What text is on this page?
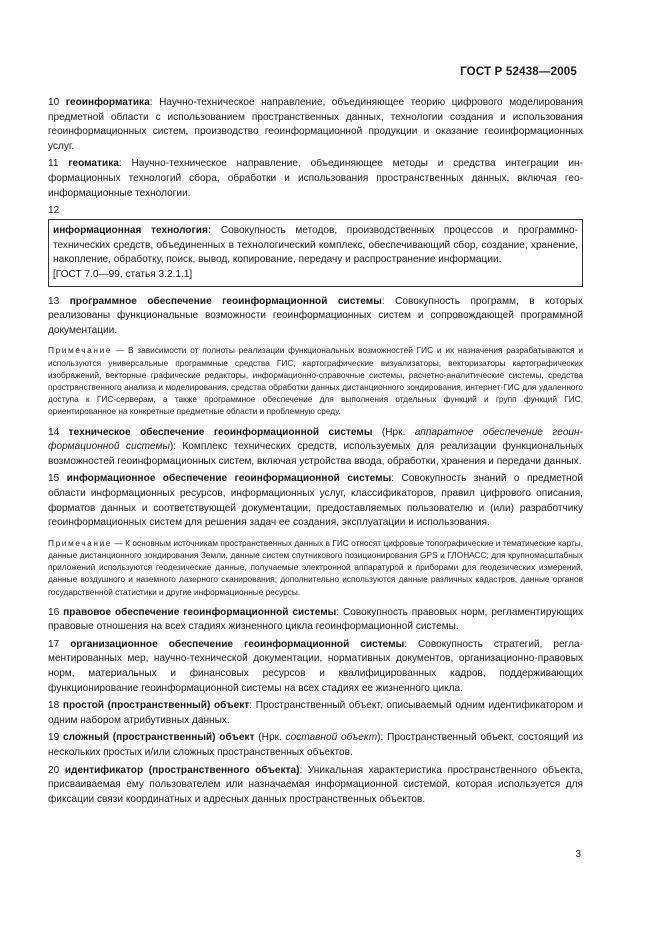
ГОСТ Р 52438—2005

10 геоинформатика: Научно-техническое направление, объединяющее теорию цифрового моделирования предметной области с использованием пространственных данных, технологии создания и использования геоинформационных систем, производство геоинформационной продукции и оказание геоинформационных услуг.

11 геоматика: Научно-техническое направление, объединяющее методы и средства интеграции информационных технологий сбора, обработки и использования пространственных данных, включая геоинформационные технологии.

12
информационная технология: Совокупность методов, производственных процессов и программно-технических средств, объединенных в технологический комплекс, обеспечивающий сбор, создание, хранение, накопление, обработку, поиск, вывод, копирование, передачу и распространение информации.
[ГОСТ 7.0—99, статья 3.2.1.1]

13 программное обеспечение геоинформационной системы: Совокупность программ, в которых реализованы функциональные возможности геоинформационных систем и сопровождающей программной документации.

Примечание — В зависимости от полноты реализации функциональных возможностей ГИС и их назначения разрабатываются и используются универсальные программные средства ГИС, картографические визуализаторы, векторизаторы картографических изображений, векторные графические редакторы, информационно-справочные системы, расчетно-аналитические системы, средства пространственного анализа и моделирования, средства обработки данных дистанционного зондирования, интернет-ГИС для удаленного доступа к ГИС-серверам, а также программное обеспечение для выполнения отдельных функций и групп функций ГИС, ориентированное на конкретные предметные области и проблемную среду.

14 техническое обеспечение геоинформационной системы (Нрк. аппаратное обеспечение геоинформационной системы): Комплекс технических средств, используемых для реализации функциональных возможностей геоинформационных систем, включая устройства ввода, обработки, хранения и передачи данных.

15 информационное обеспечение геоинформационной системы: Совокупность знаний о предметной области информационных ресурсов, информационных услуг, классификаторов, правил цифрового описания, форматов данных и соответствующей документации, предоставляемых пользователю и (или) разработчику геоинформационных систем для решения задач ее создания, эксплуатации и использования.

Примечание — К основным источникам пространственных данных в ГИС относят цифровые топографические и тематические карты, данные дистанционного зондирования Земли, данные систем спутникового позиционирования GPS и ГЛОНАСС; для крупномасштабных приложений используются геодезические данные, получаемые электронной аппаратурой и приборами для геодезических измерений, данные воздушного и наземного лазерного сканирования; дополнительно используются данные различных кадастров, данные органов государственной статистики и другие информационные ресурсы.

16 правовое обеспечение геоинформационной системы: Совокупность правовых норм, регламентирующих правовые отношения на всех стадиях жизненного цикла геоинформационной системы.

17 организационное обеспечение геоинформационной системы: Совокупность стратегий, регламентированных мер, научно-технической документации, нормативных документов, организационно-правовых норм, материальных и финансовых ресурсов и квалифицированных кадров, поддерживающих функционирование геоинформационной системы на всех стадиях ее жизненного цикла.

18 простой (пространственный) объект: Пространственный объект, описываемый одним идентификатором и одним набором атрибутивных данных.

19 сложный (пространственный) объект (Нрк. составной объект): Пространственный объект, состоящий из нескольких простых и/или сложных пространственных объектов.

20 идентификатор (пространственного объекта): Уникальная характеристика пространственного объекта, присваиваемая ему пользователем или назначаемая информационной системой, которая используется для фиксации связи координатных и адресных данных пространственных объектов.

3
